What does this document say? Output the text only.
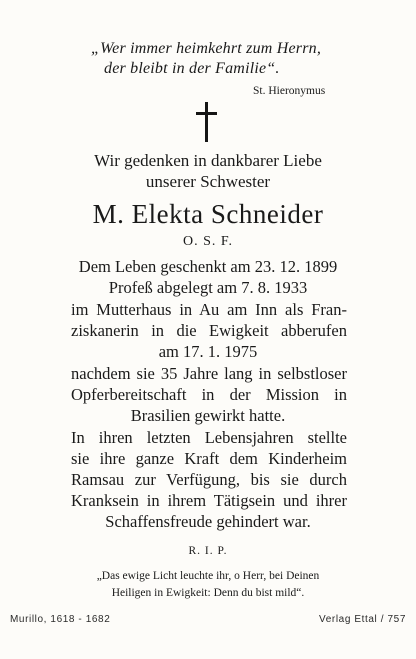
„Wer immer heimkehrt zum Herrn,
der bleibt in der Familie“.
St. Hieronymus
Wir gedenken in dankbarer Liebe
unserer Schwester
M. Elekta Schneider
O. S. F.
Dem Leben geschenkt am 23. 12. 1899
Profeß abgelegt am 7. 8. 1933
im Mutterhaus in Au am Inn als Fran-
ziskanerin in die Ewigkeit abberufen
am 17. 1. 1975
nachdem sie 35 Jahre lang in selbstloser
Opferbereitschaft in der Mission in
Brasilien gewirkt hatte.
In ihren letzten Lebensjahren stellte
sie ihre ganze Kraft dem Kinderheim
Ramsau zur Verfügung, bis sie durch
Kranksein in ihrem Tätigsein und ihrer
Schaffensfreude gehindert war.
R. I. P.
„Das ewige Licht leuchte ihr, o Herr, bei Deinen
Heiligen in Ewigkeit: Denn du bist mild“.
Murillo, 1618 - 1682	Verlag Ettal / 757
